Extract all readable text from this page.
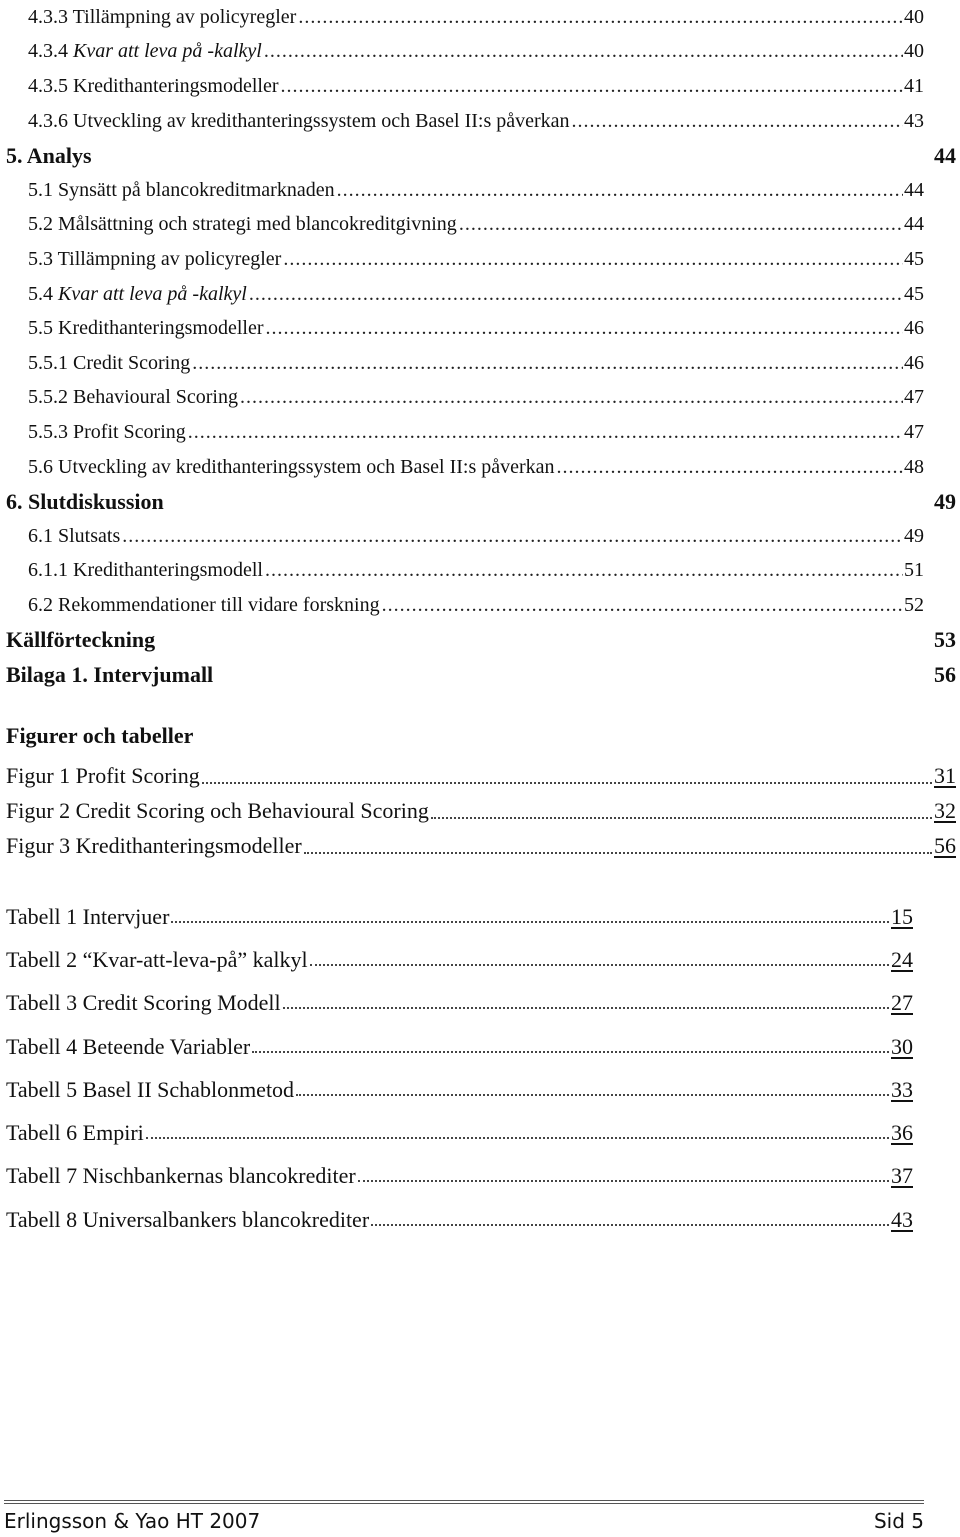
4.3.3 Tillämpning av policyregler .....	40
4.3.4 Kvar att leva på -kalkyl .....	40
4.3.5 Kredithanteringsmodeller .....	41
4.3.6 Utveckling av kredithanteringssystem och Basel II:s påverkan .....	43
5. Analys	44
5.1 Synsätt på blancokreditmarknaden .....	44
5.2 Målsättning och strategi med blancokreditgivning .....	44
5.3 Tillämpning av policyregler .....	45
5.4 Kvar att leva på -kalkyl .....	45
5.5 Kredithanteringsmodeller .....	46
5.5.1 Credit Scoring .....	46
5.5.2 Behavioural Scoring .....	47
5.5.3 Profit Scoring .....	47
5.6 Utveckling av kredithanteringssystem och Basel II:s påverkan .....	48
6. Slutdiskussion	49
6.1 Slutsats .....	49
6.1.1 Kredithanteringsmodell .....	51
6.2 Rekommendationer till vidare forskning .....	52
Källförteckning	53
Bilaga 1. Intervjumall	56
Figurer och tabeller
Figur 1 Profit Scoring	31
Figur 2 Credit Scoring och Behavioural Scoring	32
Figur 3 Kredithanteringsmodeller	56
Tabell 1 Intervjuer	15
Tabell 2 “Kvar-att-leva-på” kalkyl	24
Tabell 3 Credit Scoring Modell	27
Tabell 4 Beteende Variabler	30
Tabell 5 Basel II Schablonmetod	33
Tabell 6 Empiri	36
Tabell 7 Nischbankernas blancokrediter	37
Tabell 8 Universalbankers blancokrediter	43
Erlingsson & Yao HT 2007	Sid 5
